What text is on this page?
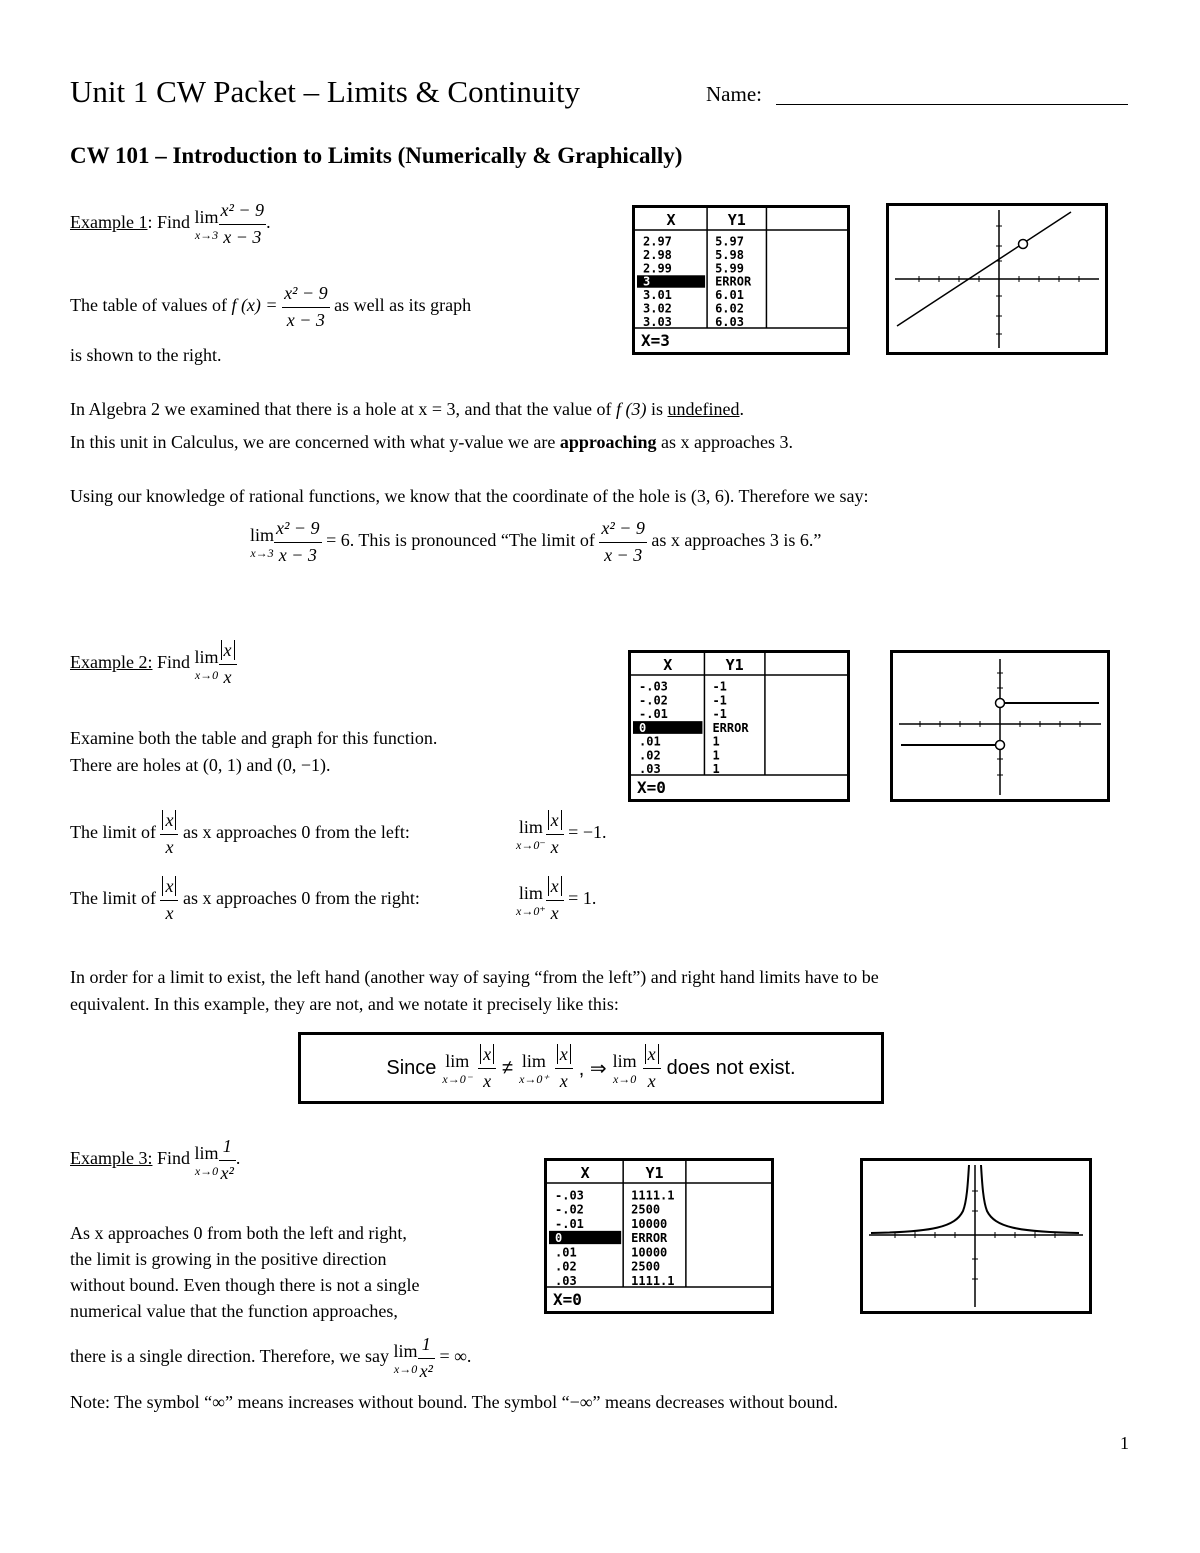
Unit 1 CW Packet – Limits & Continuity	Name:
CW 101 – Introduction to Limits (Numerically & Graphically)
Example 1: Find lim
$x\to 3 \frac{\text{x² − 9}}{x - 3}$ .
The table of values of f $(x) = \frac{\text{x² − 9}}{x - 3}$ as well as its graph
is shown to the right.
X	Y1
2.97	5.97
2.98	5.98
2.99	5.99
3	ERROR
3.01	6.01
3.02	6.02
3.03	6.03
X=3
In Algebra 2 we examined that there is a hole at x = 3, and that the value of f (3) is undefined.
In this unit in Calculus, we are concerned with what y-value we are approaching as x approaches 3.
Using our knowledge of rational functions, we know that the coordinate of the hole is (3, 6). Therefore we say:
lim
$x\to 3 \frac{\text{x² − 9}}{x - 3} = 6$. This is pronounced “The limit of $\frac{\text{x² − 9}}{x - 3}$ as x approaches 3 is 6.”
Example 2: Find lim
$x\to 0 \frac{x}{x}$	X	Y1
-.03	-1
-.02	-1
-.01	-1
0	ERROR
.01	1
.02	1
.03	1
X=0
Examine both the table and graph for this function.
There are holes at (0, 1) and (0, −1).
The limit of $\frac{x}{x}$ as x approaches 0 from the left:	lim
$x\to 0^- \frac{x}{x} = -1$.
The limit of $\frac{x}{x}$ as x approaches 0 from the right:	lim
$x\to 0^+ \frac{x}{x} = 1$.
In order for a limit to exist, the left hand (another way of saying “from the left”) and right hand limits have to be
equivalent. In this example, they are not, and we notate it precisely like this:
Since lim
$x\to 0^- \frac{x}{x} \ne \lim$
$x\to 0^+ \frac{x}{x}$ , ⇒ lim
$x\to 0 \frac{x}{x}$ does not exist.
Example 3: Find lim
$x\to 0 \frac{1}{\text{x²}}$ .
X	Y1
-.03	1111.1
-.02	2500
-.01	10000
0	ERROR
.01	10000
.02	2500
.03	1111.1
X=0
As x approaches 0 from both the left and right,
the limit is growing in the positive direction
without bound. Even though there is not a single
numerical value that the function approaches,
there is a single direction. Therefore, we say lim
$x\to 0 \frac{1}{\text{x²}}$ = ∞.
Note: The symbol “∞” means increases without bound. The symbol “−∞” means decreases without bound.
1
